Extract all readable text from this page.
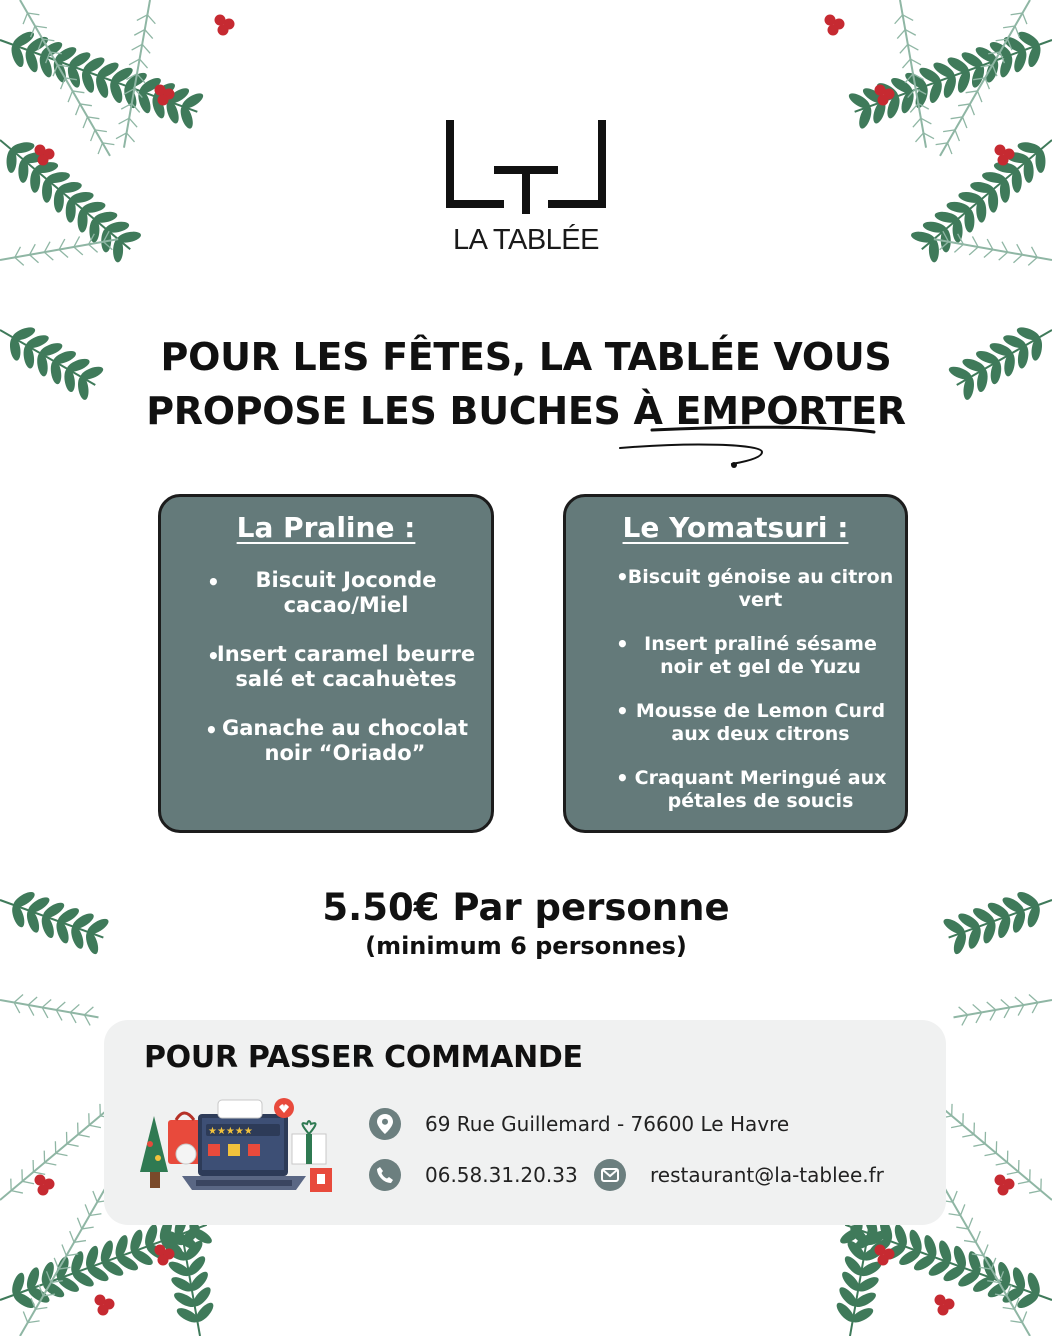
LA TABLÉE
POUR LES FÊTES, LA TABLÉE VOUS
PROPOSE LES BUCHES À EMPORTER
La Praline :
• Biscuit Joconde cacao/Miel
•
Insert caramel beurre salé et cacahuètes
• Ganache au chocolat noir “Oriado”
Le Yomatsuri :
•
Biscuit génoise au citron vert
• Insert praliné sésame noir et gel de Yuzu
• Mousse de Lemon Curd aux deux citrons
• Craquant Meringué aux pétales de soucis
5.50€ Par personne
(minimum 6 personnes)
POUR PASSER COMMANDE
★★★★★	69 Rue Guillemard - 76600 Le Havre
06.58.31.20.33	restaurant@la-tablee.fr
